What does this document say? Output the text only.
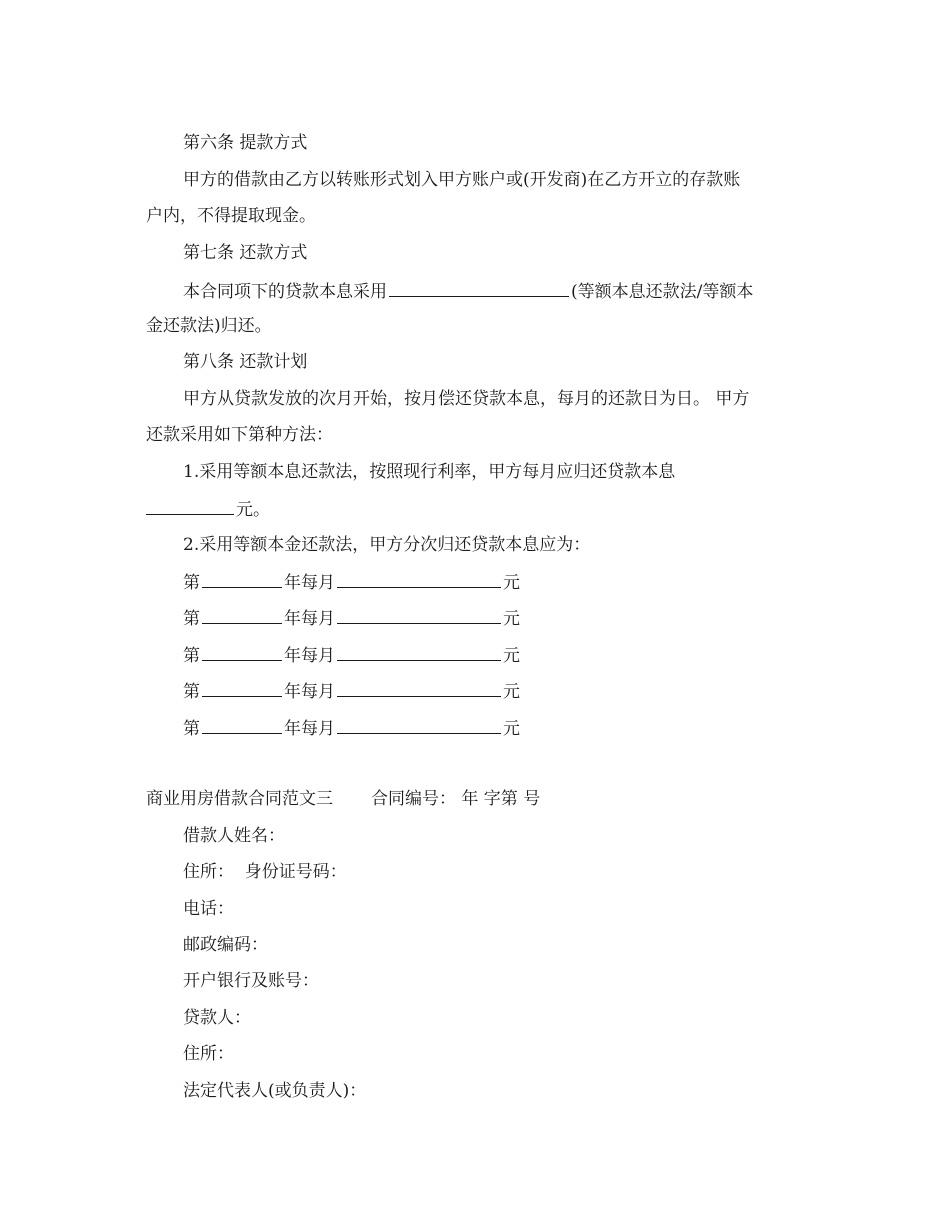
第六条 提款方式
甲方的借款由乙方以转账形式划入甲方账户或(开发商)在乙方开立的存款账
户内，不得提取现金。
第七条 还款方式
本合同项下的贷款本息采用	(等额本息还款法/等额本
金还款法)归还。
第八条 还款计划
甲方从贷款发放的次月开始，按月偿还贷款本息，每月的还款日为日。 甲方
还款采用如下第种方法：
1.采用等额本息还款法，按照现行利率，甲方每月应归还贷款本息
元。
2.采用等额本金还款法，甲方分次归还贷款本息应为：
第	年每月	元
第	年每月	元
第	年每月	元
第	年每月	元
第	年每月	元
商业用房借款合同范文三 合同编号： 年 字第 号
借款人姓名：
住所：  身份证号码：
电话：
邮政编码：
开户银行及账号：
贷款人：
住所：
法定代表人(或负责人)：
